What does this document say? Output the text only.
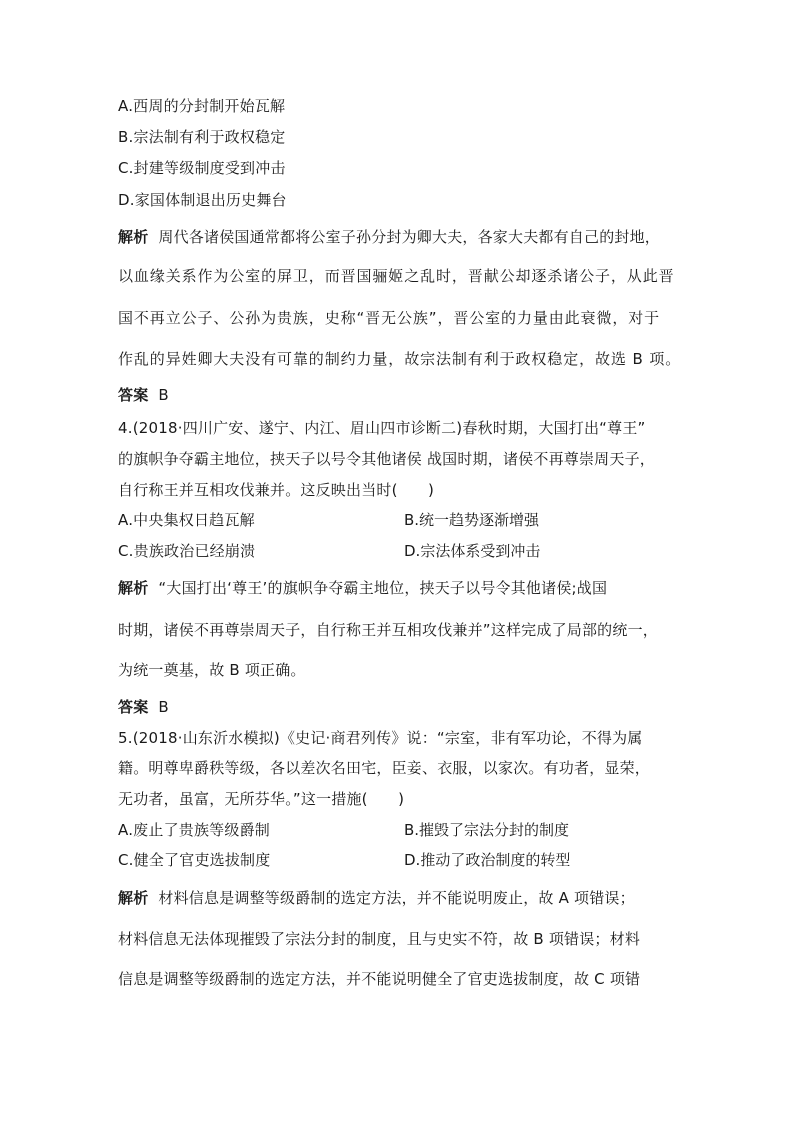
A.西周的分封制开始瓦解
B.宗法制有利于政权稳定
C.封建等级制度受到冲击
D.家国体制退出历史舞台
解析 周代各诸侯国通常都将公室子孙分封为卿大夫，各家大夫都有自己的封地，
以血缘关系作为公室的屏卫，而晋国骊姬之乱时，晋献公却逐杀诸公子，从此晋
国不再立公子、公孙为贵族，史称“晋无公族”，晋公室的力量由此衰微，对于
作乱的异姓卿大夫没有可靠的制约力量，故宗法制有利于政权稳定，故选 B 项。
答案 B
4.(2018·四川广安、遂宁、内江、眉山四市诊断二)春秋时期，大国打出“尊王”
的旗帜争夺霸主地位，挟天子以号令其他诸侯 战国时期，诸侯不再尊崇周天子，
自行称王并互相攻伐兼并。这反映出当时(　　)
A.中央集权日趋瓦解	B.统一趋势逐渐增强
C.贵族政治已经崩溃	D.宗法体系受到冲击
解析 “大国打出‘尊王’的旗帜争夺霸主地位，挟天子以号令其他诸侯;战国
时期，诸侯不再尊崇周天子，自行称王并互相攻伐兼并”这样完成了局部的统一，
为统一奠基，故 B 项正确。
答案 B
5.(2018·山东沂水模拟)《史记·商君列传》说：“宗室，非有军功论，不得为属
籍。明尊卑爵秩等级，各以差次名田宅，臣妾、衣服，以家次。有功者，显荣，
无功者，虽富，无所芬华。”这一措施(　　)
A.废止了贵族等级爵制	B.摧毁了宗法分封的制度
C.健全了官吏选拔制度	D.推动了政治制度的转型
解析 材料信息是调整等级爵制的选定方法，并不能说明废止，故 A 项错误；
材料信息无法体现摧毁了宗法分封的制度，且与史实不符，故 B 项错误；材料
信息是调整等级爵制的选定方法，并不能说明健全了官吏选拔制度，故 C 项错
